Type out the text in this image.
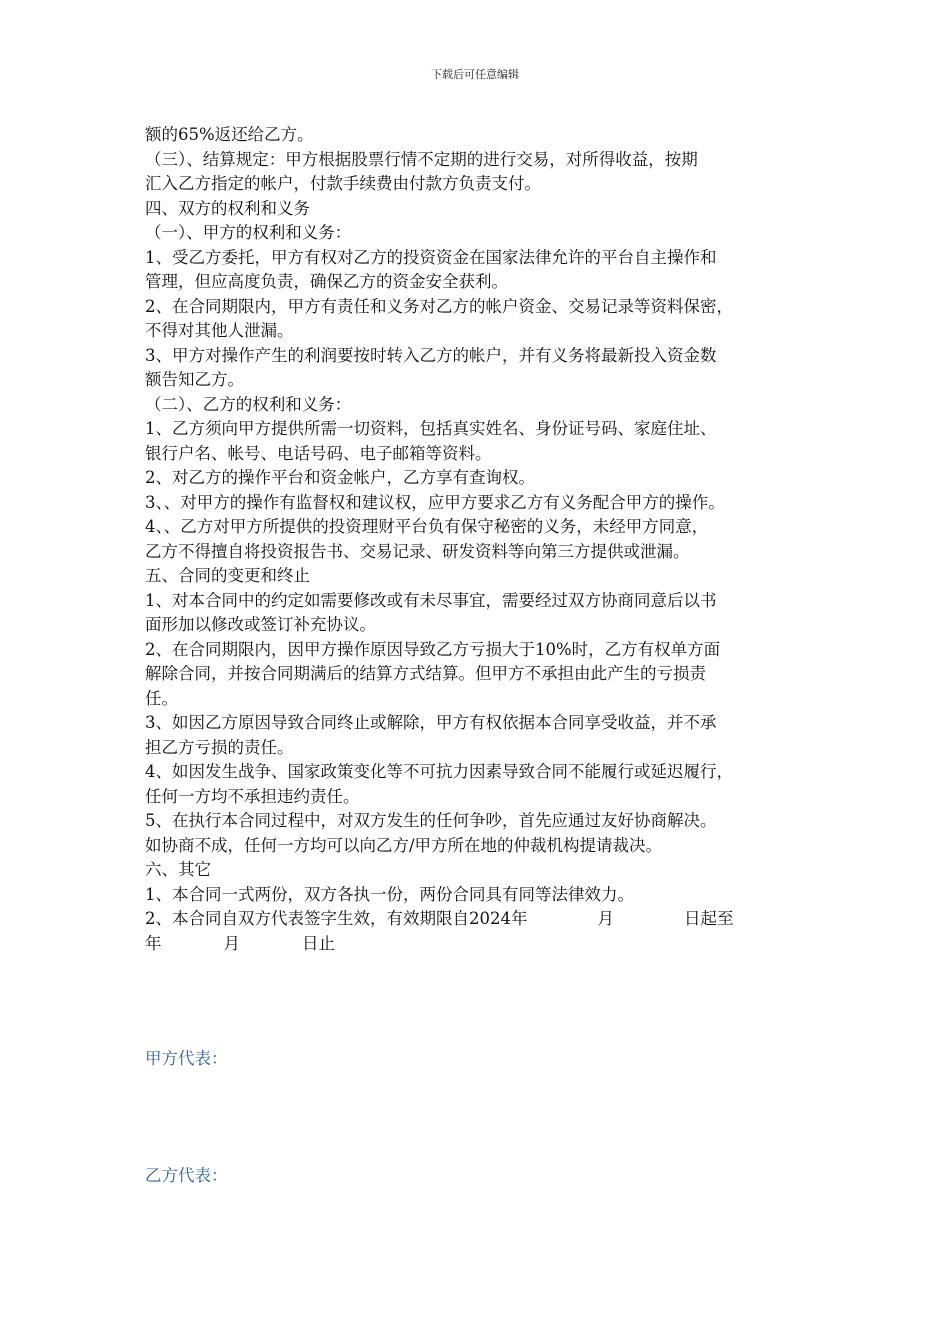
下载后可任意编辑
额的65%返还给乙方。
（三）、结算规定：甲方根据股票行情不定期的进行交易，对所得收益，按期
汇入乙方指定的帐户，付款手续费由付款方负责支付。
四、双方的权利和义务
（一）、甲方的权利和义务：
1、受乙方委托，甲方有权对乙方的投资资金在国家法律允许的平台自主操作和
管理，但应高度负责，确保乙方的资金安全获利。
2、在合同期限内，甲方有责任和义务对乙方的帐户资金、交易记录等资料保密，
不得对其他人泄漏。
3、甲方对操作产生的利润要按时转入乙方的帐户，并有义务将最新投入资金数
额告知乙方。
（二）、乙方的权利和义务：
1、乙方须向甲方提供所需一切资料，包括真实姓名、身份证号码、家庭住址、
银行户名、帐号、电话号码、电子邮箱等资料。
2、对乙方的操作平台和资金帐户，乙方享有查询权。
3、、对甲方的操作有监督权和建议权，应甲方要求乙方有义务配合甲方的操作。
4、、乙方对甲方所提供的投资理财平台负有保守秘密的义务，未经甲方同意，
乙方不得擅自将投资报告书、交易记录、研发资料等向第三方提供或泄漏。
五、合同的变更和终止
1、对本合同中的约定如需要修改或有未尽事宜，需要经过双方协商同意后以书
面形加以修改或签订补充协议。
2、在合同期限内，因甲方操作原因导致乙方亏损大于10%时，乙方有权单方面
解除合同，并按合同期满后的结算方式结算。但甲方不承担由此产生的亏损责
任。
3、如因乙方原因导致合同终止或解除，甲方有权依据本合同享受收益，并不承
担乙方亏损的责任。
4、如因发生战争、国家政策变化等不可抗力因素导致合同不能履行或延迟履行，
任何一方均不承担违约责任。
5、在执行本合同过程中，对双方发生的任何争吵，首先应通过友好协商解决。
如协商不成，任何一方均可以向乙方/甲方所在地的仲裁机构提请裁决。
六、其它
1、本合同一式两份，双方各执一份，两份合同具有同等法律效力。
2、本合同自双方代表签字生效，有效期限自2024年	月	日起至
年	月	日止
甲方代表：
乙方代表：
